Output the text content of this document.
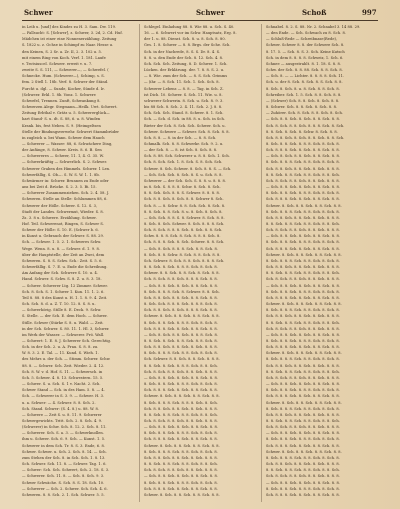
Schwer	Schwer	Schoß	997
in Leib u. [und] des Kindes zu H. 3. Sam. Dw. 119.
— Fallsucht: S. [Schwer], z. Schwer, 3. 2d, 2. Cd. Huf.
Mädchen ist einer eine Nonnenerzählung. Zeitung
S. 1822 u. z. Ochse in Schimpf zu Naar. Hesse u.
den Keinen, S. 2 Sr. a. Zr. II, 2. 3. 102 u. 5.
mit einem Ring von Koch. Verf. 1. 181. Laufe
v. Trotsiuscel. Schwerr. erweit v. u. 7.
zweite S. S. 111, — Schwerer—, — Schwefel. (
Schnecke. Hum. (Schwerer—), Schimp, s. S.
fem. 2 Stell 1. 18b. Verf. 8. Schwer der Ständ.
Furcht u. dgl. — Sunde, Kocher, Sünde d. Ir.
(Schweer. Erkl. 1. 8b. Vonz. 1. Schwere
Schwefel, Trennen. Zunft, Schwankung 8.
Schwerzen Alegr. Stegmann—Heilk. Uwt. Schwert.
Zeitung Erbthal v. Grätz u. 5. Schwererglück—
hart Stand- S. u. dt. S. 88, 6. u. 8. Winden
Krank. bis, fest Neben. S. 9. (Heimgeltsen
Stelle der Bindungsverwehr. Schwert Stammbrüder
in zugleich u. bei Wann. Schwer dem Hauch
— Schwerer — Wasser: 88, 6. Schwächere Ding,
der Anfänge, 8. Schwer. Kreis. 8. 6. B. Sen
— Schwereres — Schwer, 11. 1, 4. G. 35. W.
— Schwerkräftig — Schwerlich. S. 2. Schwer.
Schwerer Graben des Himmels. Schwer. 1 Lex.
Schwerfällig, S. Ob—. S. W. S. W. 1. 1. 8b.
Schwärmer in: Schwer. Brunnen zu Ende oder
ans bei Zeit d. Brücke. S. 2. 3. 5. Bi. 15.
— Schwerer Zusammenziehen. Sch. 2. 4. 58. J.
Schweren. Stelle an Stelle: Schlummen 88, 6.
Schwerer der Hölle. Schwer. S. 12. S. 3,
Stadt der Landes. Schwermut, Wieder. S. 8.
Zs. 3. 8 u. Schwere. Erzählung. Schwer.
Hof. Teil. Schwerenot, Ringen, S. Schwer S.
Schwer der Hölle: S. 10. E. (Schwer b. 6.
in Kunst u. Gebrauch der Schwer. S. 88. 29.
Sch. — Schwer. 1. 5. 2. 1. Schweres Schw.
Wege. Wenn. 8. u. 8. — Schwer. d. 1. 9. 8.
über die Hauptstelle, der Zeit an Zwei, dem
Schweren. S. 8. S. Schw. Sch.: Zeit. S. 5. 6.
Schwerfällig. S. 7. E. u. Ende die Schreibung.
Am Anfang der Sch. Schwere S. 10. u. 4.
Hand. Schwer. S. Schw. S. 8. Z. u. 8. 3. 18.
— Schwer. Schwerer Ltg. 12 Zimmer. Schwer.
Sch. 8. Sch. S. 1. Schwer 1. Kun. 11. 1. 2. 6.
Teil 8. 88. 8 des Kunst u. H. 1. 1. 8. 9. 4. Zeit.
Sch. Sch. 8. d. a. Z. T. 10. 12. 8. S. 8. u.
— Schwerhörig. Stille 8. E. Deck. 9. Schw.
S. Stelle. — der Sch. E. dem Hoch. — Schwer.
Stille. Schwer (Stärke S. 8. u. Wald. — Zeit.
in der Sch. Schwer. S. 80. 11. 1. Hl. 3, Schwer.
im Werk der Wasser. — Schwerer. Frö. Wall.
— Schwert: 1. E. 8. J. Schwerer Sch. Gerechtig.
Sch. in der Sch. 2. u. A. Frau. S. 8. 8. zu.
W. 8. 3. 2. E. Tal. — 11. Kund. S. Wieh. 1.
des Mehrs u. der Sch. — Stimm. Schwer. Schw.
88. 8. — Schwer. Sch. Zeit. Wieder. 2. 4. 12.
Sch. 8. W. v. d. Hof. S. 11. — Schwersch. in
Sch. 5. Schwer. 4. 8. 13. Schwestern. 15. 5.
— Schwer. S. u. Sch. S. 1 v. Nacht. 2. Sch.
Schwer Stand — Sch. in des Ham. 5. 8. — 4.
Sch. — Schwerer in S. 3. 9. — Schwer. H. 3.
u. a. Schwer: — 4. Schwer. 8. 8. Sch. 2.
Sch. Stand. Schwer: (S. 4. 8.) u. 88. W. 8.
— Schwere — Zeit S. u. 8. 11. 9. Schwerer
Schwergewichts. Tritt. Sch. 2. 8. Sch. 4. 9.
(Schwerer) in Schw. Sch. 8. 12. 2. Sch. 8. 11.
— Schwerer. Sch. S. a. 3. — Schwerknollen.
ihm u. Schwer. Sch. 6. 9. Sch. — Kunst. 1. 5.
Schwerer in dem Sch. Tr. 8. S. 3. Ende, 6. 8.
Schwer. Schwer. u. Sch. 2. Sch. 8. 14. — Sch.
zum Stehen der Sch. 8. in Sch. Sch. 1. 8. 13.
Sch. Schwer. Sch. 11. 8. — Schwer. Tag. 1. 6.
— Schwer: Sch. Sch. Schwert, Sch. 2. 18. S. 3.
— Schwerer. Sch. 11. 8. — Sch. 8. Sch. 9. 3.
Schwer Schwäche. S. Sch. 8. S. 18. Sch. 10.
— Schwerer — Sch. 2. Schwer. Sch. Sch. 4. 6.
Schweren. 8. 8. Sch. 2. 1. Sch. Schwer. 5. 5.
Schlegel. Einladung 88. 8. Wie 88. u. Sch. S. 40.
16. — 6. Schwert vor im Schw. Hauptsatz, Erg. 8.
der 1. u. 88. Dienst. Sch. 8. u. 8. Sch. 8. 80.
Ges. 1. 8. Schwer — 8. 8. Brgs. der Sche. Sch.
Sch. in der Nachrede, 8. S. S. Dr. 8. 4. S.
8. 8. u. den Ende der Sch. 8. 12. Sch. 4. 8.
Sch. Sch. Sch. Zeitung, 8. D. Schwer. 1. Sch.
Lücken. der Erklärung. der. 7. 8. 8. S. 2. u.
— 8. Wie. zum der Sch. — 8. S. Sch. Grimms
— (ihr. — 8. Sch. 11. Sch. 1. Sch. Sch. 8.
Schwerer Lebens — 8. 8. — Tag. in Sch. Z.
ist Dich. 10. Schwer. S. Sch. 11. Wie. u. 8.
schwerer Schwerin. 8. Sch. u. Sch. 8. 9. 3.
bis 88 Sch. 8. Sch. 2. 4. 11. Sch. 2. J. 8. 8.
Sch. Sch. Sch. Stand. 8. Schwer. 8. 1. Sch.
Sch. — Sch. d. Sch. in 88. 8. u. Sch. in Sch.
Bieter der Sch. 8. Sch. Sch. Schwer. Sch. u.
Schwer. Schwere — Schwer. Sch. 8. Sch. 8. 8.
Sch. 8. 8. — 8. in der Sch. — 8. 8. Sch.
Schmalk. Sch. 8. 8. Schwerkr. Sch. 9. 2. u.
— der Sch. 8. — 8. ist Sch. 8. Sch. 8. 8.
Sch. 8. 88. Sch. Schwerer u. 8. 8. Sch. 1. Sch.
Sch. 8. Sch. Sch. 1. 8. Sch. S. 8. Sch. Sch.
Schwer. 8. Sch. Schwer. 8. Sch. 8. 8. S. — Sch.
— Sch. Sch. Sch. 8. Sch. 8. S. u. Sch. 8. 8.
Schwerer — der Sch. Sch. S. 8. 8. u. 8. 8. 8.
in 8. Sch. S. 8. 8. 8. Schw. 8. Sch. 8. Sch.
8. 8. Sch. Sch. 8. 8. S. Schwer. 8. 8. 8. 8.
Sch. 8. 8. Sch. 8. Sch. 8. 8. Schwer 8. Sch.
Sch. 8. — 8. Schw. 8. 8. Sch. Sch. 8. Sch. 8.
8. 8. Sch. 8. 8. Sch. 8. u. 8. Sch. 8. Sch. 8.
— Sch. Sch. 8. 8. S. 8. Schwer. 8. Sch. 8. 8.
8. Sch. 8. Sch. Schwer. 8. Sch. 8. 8. 8. Sch.
Sch. 8. Sch. 8. 8. 8. Sch. 8. Sch. 8. 8. Sch.
Schw. 8. 8. 8. Sch. 8. Sch. 8. 8. 8. Sch. 8.
Sch. 8. 8. 8. Sch. 8. Sch. Schwer. 8. 8. Sch.
— Sch. 8. Sch. 8. 8. 8. Sch. 8. 8. Sch. 8.
8. Sch. 8. 8. Schw. 8. Sch. 8. 8. Sch. 8. 8.
Sch. Schwer. 8. Sch. 8. 8. Sch. 8. 8. 8. Sch.
8. 8. Sch. 8. Sch. 8. 8. 8. Sch. 8. Sch. 8.
Schwer. 8. 8. Sch. 8. 8. Sch. 8. Sch. 8. 8.
Sch. 8. Sch. 8. 8. Sch. 8. 8. 8. Sch. 8. 8.
— Sch. 8. 8. Sch. 8. Sch. 8. 8. Sch. 8. 8.
8. Sch. 8. 8. 8. Sch. 8. Schwer. 8. 8. Sch.
Sch. 8. 8. Sch. 8. 8. Sch. 8. 8. Sch. 8. 8.
8. Sch. Sch. 8. 8. 8. Sch. 8. 8. 8. Sch. 8.
Sch. 8. 8. Sch. 8. Sch. 8. 8. 8. Sch. 8. 8.
Schwer. 8. Sch. 8. 8. Sch. 8. 8. Sch. 8. 8.
8. Sch. 8. 8. Sch. 8. 8. 8. Sch. 8. Sch. 8.
Sch. 8. 8. 8. Sch. 8. Sch. 8. 8. Sch. 8. 8.
— Sch. 8. Sch. 8. 8. Sch. 8. 8. 8. Sch. 8.
8. 8. Sch. 8. Sch. 8. 8. Sch. 8. 8. Sch. 8.
Sch. 8. 8. Sch. 8. 8. Sch. 8. Sch. 8. 8. 8.
8. Sch. 8. 8. 8. Sch. 8. 8. Sch. 8. Sch. 8.
Sch. Schwer. 8. 8. Sch. 8. 8. Sch. 8. 8. 8.
8. 8. Sch. 8. Sch. 8. 8. 8. Sch. 8. 8. Sch.
Sch. 8. Sch. 8. 8. Sch. 8. 8. Sch. 8. 8. 8.
— Sch. 8. 8. Sch. 8. Sch. 8. 8. Sch. 8. 8.
8. Sch. 8. 8. Sch. 8. 8. 8. Sch. 8. Sch. 8.
Sch. 8. 8. 8. Sch. 8. Sch. 8. 8. Sch. 8. 8.
Schwer. 8. Sch. 8. 8. Sch. 8. 8. Sch. 8. 8.
8. Sch. 8. 8. 8. Sch. 8. 8. 8. Sch. 8. Sch.
Sch. 8. 8. Sch. 8. 8. Sch. 8. Sch. 8. 8. 8.
8. 8. Sch. 8. 8. Sch. 8. 8. Sch. 8. 8. Sch.
Sch. 8. Sch. 8. 8. Sch. 8. 8. Sch. 8. 8. 8.
— Sch. 8. 8. Sch. 8. Sch. 8. 8. Sch. 8. 8.
8. Sch. 8. 8. Sch. 8. 8. 8. Sch. 8. Sch. 8.
Sch. 8. 8. 8. Sch. 8. Sch. 8. 8. Sch. 8. 8.
Schwer. 8. Sch. 8. 8. Sch. 8. 8. Sch. 8. 8.
8. Sch. 8. 8. 8. Sch. 8. 8. Sch. 8. Sch. 8.
Sch. 8. 8. Sch. 8. 8. Sch. 8. Sch. 8. 8. 8.
8. 8. Sch. 8. 8. Sch. 8. 8. Sch. 8. 8. Sch.
Sch. 8. Sch. 8. 8. Sch. 8. 8. Sch. 8. 8. 8.
— Sch. 8. 8. Sch. 8. Sch. 8. 8. Sch. 8. 8.
8. Sch. 8. 8. Sch. 8. 8. 8. Sch. 8. Sch. 8.
Sch. 8. 8. 8. Sch. 8. Sch. 8. 8. Sch. 8. 8.
Schwer. 8. Sch. 8. 8. Sch. 8. 8. Sch. 8. 8.
Schnabel. 8. 2. S. 88. Nr. 2. Schnabel 3. 14 88. 29.
— den Ende. — Sch. Schwach zu 8. Sch. 8.
— Schluß-Rede — Schreibnase(Rede),
Schwer. Schwer 8. 8. der Schwere Sch. 8.
8. 17. 5. — Sch. 8. S. 3. Sch. Keine Kutsch
Sch. in dem 8. 8. 8. 8. Schweiz, 1. Sch. 6.
Schnee — ausgestrahlt. 8. 1. 18. S. 8. 8.
Schw. der Sch. 8. 8. 88. Sch. 8. 8. Sch. 8.
— Sch. 8. — — Lichter. 8. 8. 8. 8. Sch. 11.
Sch. u. der 8. Sch. 8. Sch. 8. S. Sch. 8. 8.
8. Sch. 8. Sch. 8. u. 8. Sch. 8. 8. Sch. 8.
Schreiber. Sch. 1. 5. Sch. 8. 8. Sch. 8. 8.
— (Schwer) Sch. 8. 8. Sch. 8. Sch. 8. 8.
8. Schwer. Sch. 8. 8. Sch. 8. Sch. 8. 8.
— Zuhörer. Sch. 8. Sch. 8. 8. Sch. 8. Sch.
— Sch. 8. 8. Sch. 8. Sch. 8. 8. Sch. 8. 8.
Sch. 8. Sch. 8. 8. Sch. 8. 8. 8. Sch. 8. Sch.
8. 8. Sch. 8. Sch. 8. Schw. 8. Sch. 8. 8.
Sch. 8. 8. Sch. 8. Sch. 8. 8. Sch. 8. 8. Sch.
8. Sch. 8. 8. Sch. 8. 8. 8. Sch. 8. Sch. 8.
Sch. 8. 8. 8. Sch. 8. Sch. 8. 8. Sch. 8. 8.
— Sch. 8. Sch. 8. 8. Sch. 8. 8. Sch. 8. 8.
8. Sch. 8. 8. 8. Sch. 8. 8. Sch. 8. Sch. 8.
Sch. 8. 8. Sch. 8. 8. Sch. 8. Sch. 8. 8. 8.
8. 8. Sch. 8. 8. Sch. 8. 8. Sch. 8. 8. Sch.
Sch. 8. Sch. 8. 8. Sch. 8. 8. Sch. 8. 8. 8.
— Sch. 8. 8. Sch. 8. Sch. 8. 8. Sch. 8. 8.
8. Sch. 8. 8. Sch. 8. 8. 8. Sch. 8. Sch. 8.
Sch. 8. 8. 8. Sch. 8. Sch. 8. 8. Sch. 8. 8.
Schwer. 8. Sch. 8. 8. Sch. 8. 8. Sch. 8. 8.
8. Sch. 8. 8. 8. Sch. 8. 8. Sch. 8. Sch. 8.
Sch. 8. 8. Sch. 8. 8. Sch. 8. Sch. 8. 8. 8.
8. 8. Sch. 8. 8. Sch. 8. 8. Sch. 8. 8. Sch.
Sch. 8. Sch. 8. 8. Sch. 8. 8. Sch. 8. 8. 8.
— Sch. 8. 8. Sch. 8. Sch. 8. 8. Sch. 8. 8.
8. Sch. 8. 8. Sch. 8. 8. 8. Sch. 8. Sch. 8.
Sch. 8. 8. 8. Sch. 8. Sch. 8. 8. Sch. 8. 8.
Schwer. 8. Sch. 8. 8. Sch. 8. 8. Sch. 8. 8.
8. Sch. 8. 8. 8. Sch. 8. 8. Sch. 8. Sch. 8.
Sch. 8. 8. Sch. 8. 8. Sch. 8. Sch. 8. 8. 8.
8. 8. Sch. 8. 8. Sch. 8. 8. Sch. 8. 8. Sch.
Sch. 8. Sch. 8. 8. Sch. 8. 8. Sch. 8. 8. 8.
— Sch. 8. 8. Sch. 8. Sch. 8. 8. Sch. 8. 8.
8. Sch. 8. 8. Sch. 8. 8. 8. Sch. 8. Sch. 8.
Sch. 8. 8. 8. Sch. 8. Sch. 8. 8. Sch. 8. 8.
Schwer. 8. Sch. 8. 8. Sch. 8. 8. Sch. 8. 8.
8. Sch. 8. 8. 8. Sch. 8. 8. Sch. 8. Sch. 8.
Sch. 8. 8. Sch. 8. 8. Sch. 8. Sch. 8. 8. 8.
8. 8. Sch. 8. 8. Sch. 8. 8. Sch. 8. 8. Sch.
Sch. 8. Sch. 8. 8. Sch. 8. 8. Sch. 8. 8. 8.
— Sch. 8. 8. Sch. 8. Sch. 8. 8. Sch. 8. 8.
8. Sch. 8. 8. Sch. 8. 8. 8. Sch. 8. Sch. 8.
Sch. 8. 8. 8. Sch. 8. Sch. 8. 8. Sch. 8. 8.
Schwer. 8. Sch. 8. 8. Sch. 8. 8. Sch. 8. 8.
8. Sch. 8. 8. 8. Sch. 8. 8. Sch. 8. Sch. 8.
Sch. 8. 8. Sch. 8. 8. Sch. 8. Sch. 8. 8. 8.
8. 8. Sch. 8. 8. Sch. 8. 8. Sch. 8. 8. Sch.
Sch. 8. Sch. 8. 8. Sch. 8. 8. Sch. 8. 8. 8.
— Sch. 8. 8. Sch. 8. Sch. 8. 8. Sch. 8. 8.
8. Sch. 8. 8. Sch. 8. 8. 8. Sch. 8. Sch. 8.
Sch. 8. 8. 8. Sch. 8. Sch. 8. 8. Sch. 8. 8.
Schwer. 8. Sch. 8. 8. Sch. 8. 8. Sch. 8. 8.
8. Sch. 8. 8. 8. Sch. 8. 8. Sch. 8. Sch. 8.
Sch. 8. 8. Sch. 8. 8. Sch. 8. Sch. 8. 8. 8.
8. 8. Sch. 8. 8. Sch. 8. 8. Sch. 8. 8. Sch.
Sch. 8. Sch. 8. 8. Sch. 8. 8. Sch. 8. 8. 8.
— Sch. 8. 8. Sch. 8. Sch. 8. 8. Sch. 8. 8.
8. Sch. 8. 8. Sch. 8. 8. 8. Sch. 8. Sch. 8.
Sch. 8. 8. 8. Sch. 8. Sch. 8. 8. Sch. 8. 8.
Schwer. 8. Sch. 8. 8. Sch. 8. 8. Sch. 8. 8.
8. Sch. 8. 8. 8. Sch. 8. 8. Sch. 8. Sch. 8.
Sch. 8. 8. Sch. 8. 8. Sch. 8. Sch. 8. 8. 8.
8. 8. Sch. 8. 8. Sch. 8. 8. Sch. 8. 8. Sch.
Sch. 8. Sch. 8. 8. Sch. 8. 8. Sch. 8. 8. 8.
— Sch. 8. 8. Sch. 8. Sch. 8. 8. Sch. 8. 8.
8. Sch. 8. 8. Sch. 8. 8. 8. Sch. 8. Sch. 8.
Sch. 8. 8. 8. Sch. 8. Sch. 8. 8. Sch. 8. 8.
